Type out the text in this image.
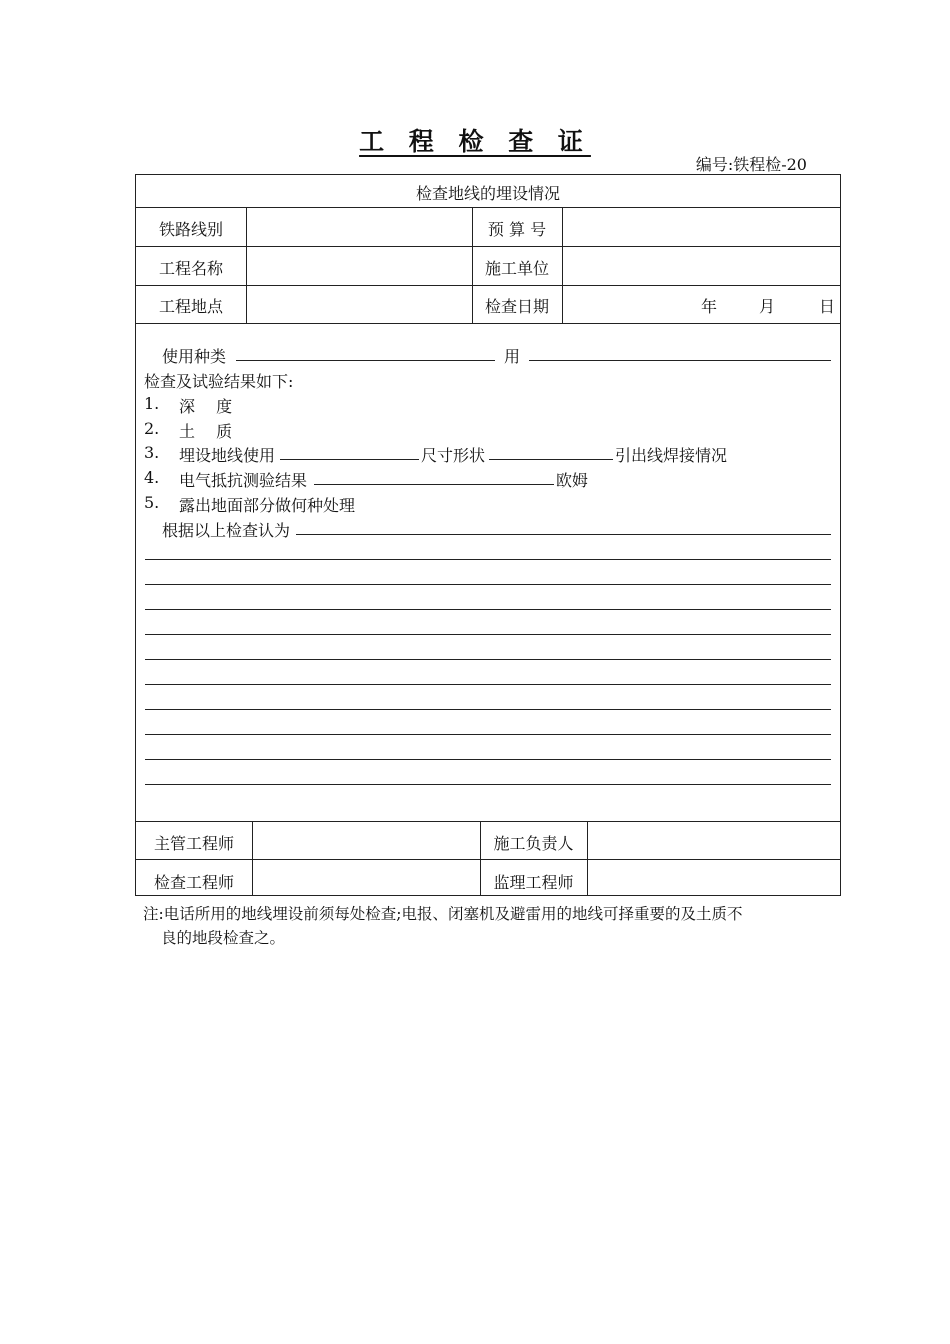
工 程 检 查 证
编号:铁程检-20
检查地线的埋设情况
铁路线别	预 算 号
工程名称	施工单位
工程地点	检查日期	年	月	日
使用种类	用
检查及试验结果如下:
1. 深　 度
2. 土　 质
3. 埋设地线使用	尺寸形状	引出线焊接情况
4. 电气抵抗测验结果	欧姆
5. 露出地面部分做何种处理
根据以上检查认为
主管工程师	施工负责人
检查工程师	监理工程师
注:电话所用的地线埋设前须每处检查;电报、闭塞机及避雷用的地线可择重要的及土质不
良的地段检查之。
